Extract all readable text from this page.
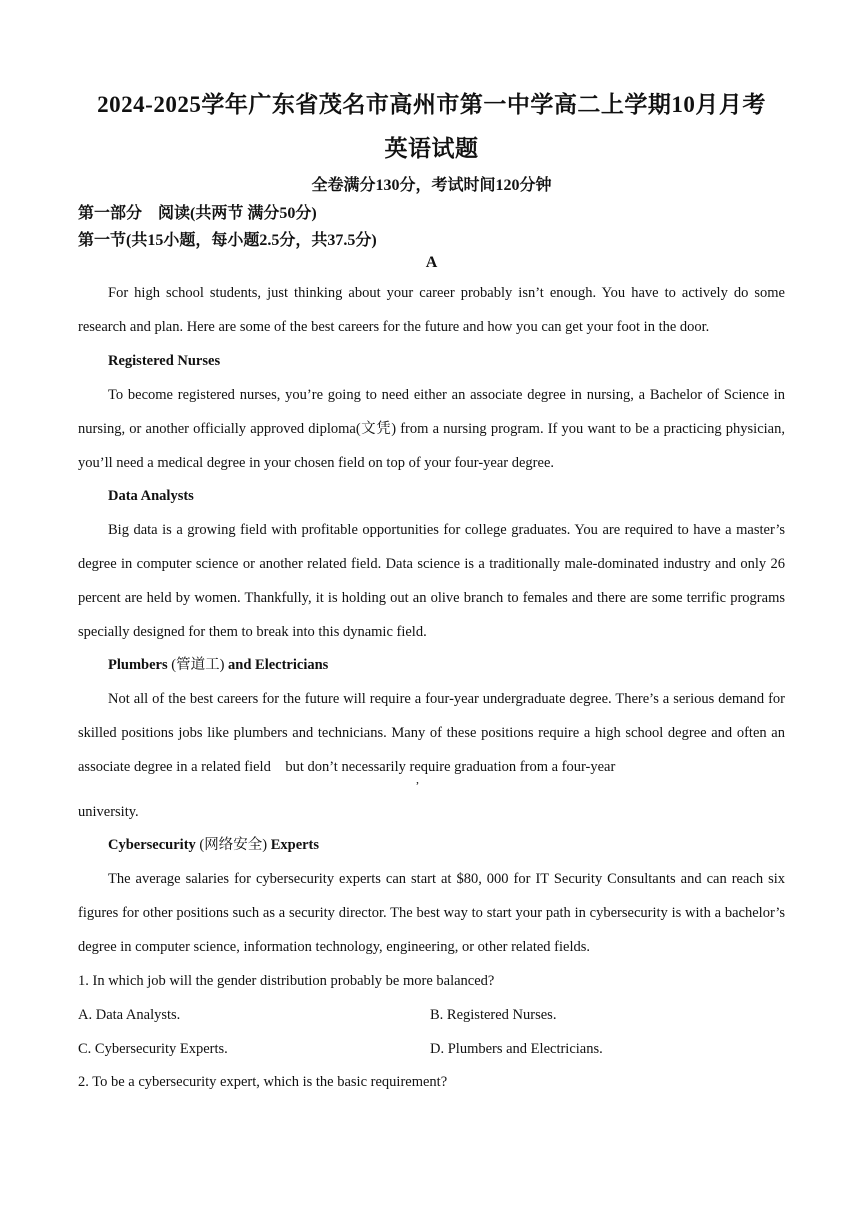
2024-2025学年广东省茂名市高州市第一中学高二上学期10月月考
英语试题
全卷满分130分，考试时间120分钟
第一部分　阅读(共两节 满分50分)
第一节(共15小题，每小题2.5分，共37.5分)
A
For high school students, just thinking about your career probably isn’t enough. You have to actively do some research and plan. Here are some of the best careers for the future and how you can get your foot in the door.
Registered Nurses
To become registered nurses, you’re going to need either an associate degree in nursing, a Bachelor of Science in nursing, or another officially approved diploma(文凭) from a nursing program. If you want to be a practicing physician, you’ll need a medical degree in your chosen field on top of your four-year degree.
Data Analysts
Big data is a growing field with profitable opportunities for college graduates. You are required to have a master’s degree in computer science or another related field. Data science is a traditionally male-dominated industry and only 26 percent are held by women. Thankfully, it is holding out an olive branch to females and there are some terrific programs specially designed for them to break into this dynamic field.
Plumbers (管道工) and Electricians
Not all of the best careers for the future will require a four-year undergraduate degree. There’s a serious demand for skilled positions jobs like plumbers and technicians. Many of these positions require a high school degree and often an associate degree in a related field    but don’t necessarily require graduation from a four-year
,
university.
Cybersecurity (网络安全) Experts
The average salaries for cybersecurity experts can start at $80, 000 for IT Security Consultants and can reach six figures for other positions such as a security director. The best way to start your path in cybersecurity is with a bachelor’s degree in computer science, information technology, engineering, or other related fields.
1. In which job will the gender distribution probably be more balanced?
A. Data Analysts.	B. Registered Nurses.
C. Cybersecurity Experts.	D. Plumbers and Electricians.
2. To be a cybersecurity expert, which is the basic requirement?
